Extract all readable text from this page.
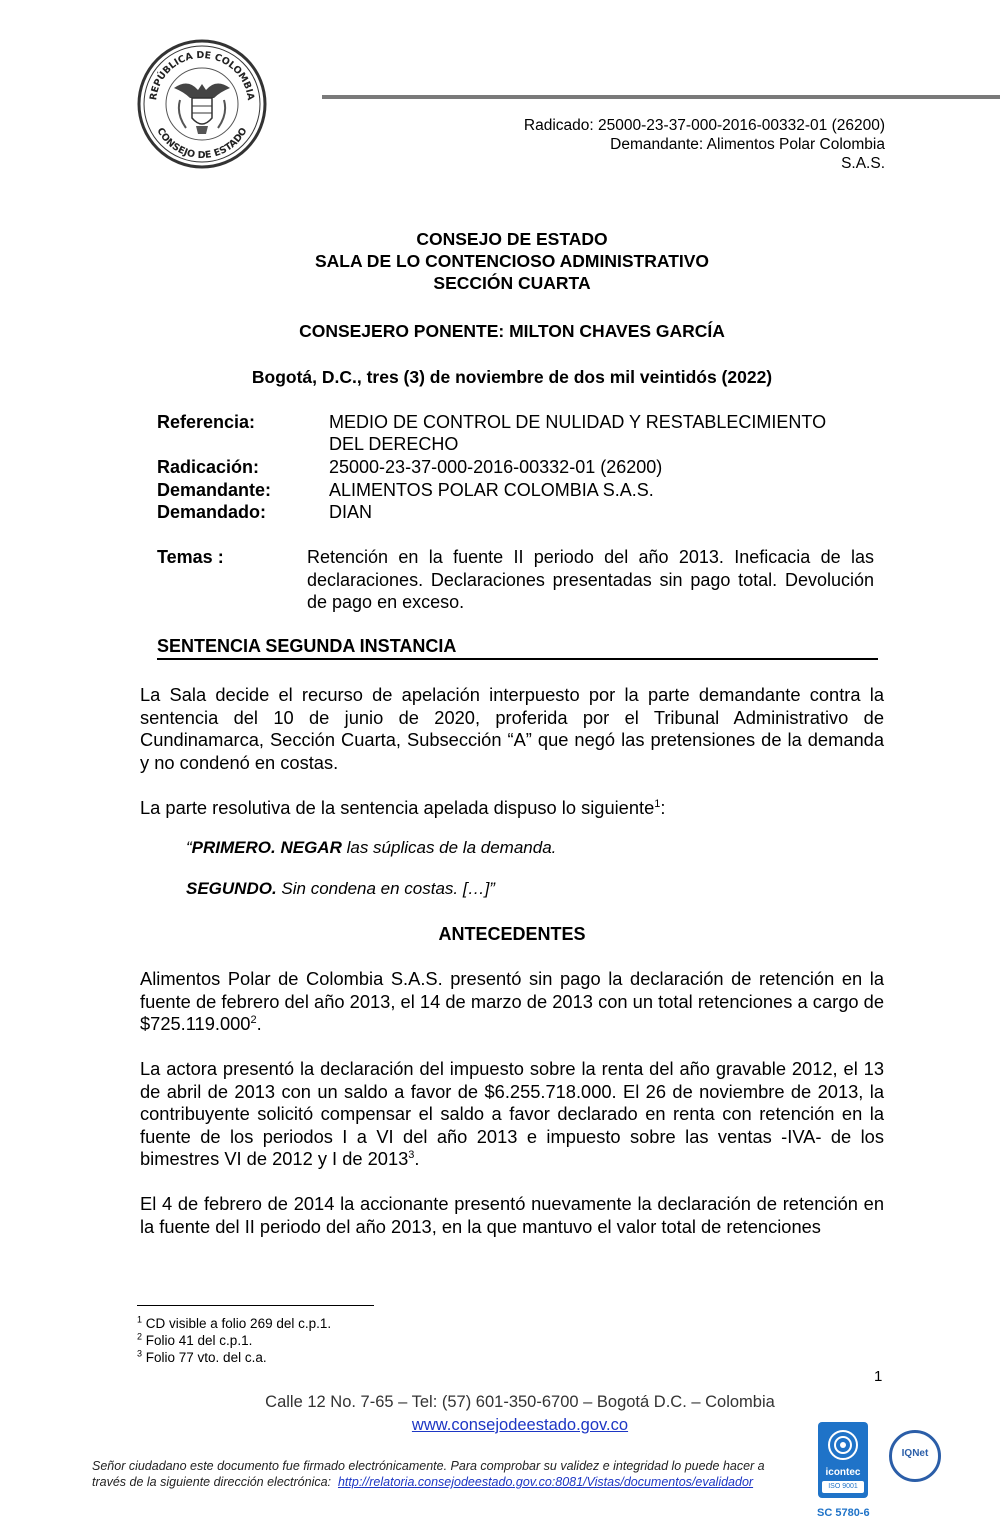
REPÚBLICA DE COLOMBIA
CONSEJO DE ESTADO	Radicado: 25000-23-37-000-2016-00332-01 (26200)
Demandante: Alimentos Polar Colombia
S.A.S.
CONSEJO DE ESTADO
SALA DE LO CONTENCIOSO ADMINISTRATIVO
SECCIÓN CUARTA
CONSEJERO PONENTE: MILTON CHAVES GARCÍA
Bogotá, D.C., tres (3) de noviembre de dos mil veintidós (2022)
Referencia:	MEDIO DE CONTROL DE NULIDAD Y RESTABLECIMIENTO
DEL DERECHO
Radicación:	25000-23-37-000-2016-00332-01 (26200)
Demandante:	ALIMENTOS POLAR COLOMBIA S.A.S.
Demandado:	DIAN
Temas :	Retención en la fuente II periodo del año 2013. Ineficacia de las declaraciones. Declaraciones presentadas sin pago total. Devolución de pago en exceso.
SENTENCIA SEGUNDA INSTANCIA
La Sala decide el recurso de apelación interpuesto por la parte demandante contra la sentencia del 10 de junio de 2020, proferida por el Tribunal Administrativo de Cundinamarca, Sección Cuarta, Subsección “A” que negó las pretensiones de la demanda y no condenó en costas.
La parte resolutiva de la sentencia apelada dispuso lo siguiente$^1$:
“PRIMERO. NEGAR las súplicas de la demanda.
SEGUNDO. Sin condena en costas. […]”
ANTECEDENTES
Alimentos Polar de Colombia S.A.S. presentó sin pago la declaración de retención en la fuente de febrero del año 2013, el 14 de marzo de 2013 con un total retenciones a cargo de $725.119.000$^2$.
La actora presentó la declaración del impuesto sobre la renta del año gravable 2012, el 13 de abril de 2013 con un saldo a favor de $6.255.718.000. El 26 de noviembre de 2013, la contribuyente solicitó compensar el saldo a favor declarado en renta con retención en la fuente de los periodos I a VI del año 2013 e impuesto sobre las ventas -IVA- de los bimestres VI de 2012 y I de 2013$^3$.
El 4 de febrero de 2014 la accionante presentó nuevamente la declaración de retención en la fuente del II periodo del año 2013, en la que mantuvo el valor total de retenciones
$^1$ CD visible a folio 269 del c.p.1.
$^2$ Folio 41 del c.p.1.
$^3$ Folio 77 vto. del c.a.
1
Calle 12 No. 7-65 – Tel: (57) 601-350-6700 – Bogotá D.C. – Colombia
www.consejodeestado.gov.co
Señor ciudadano este documento fue firmado electrónicamente. Para comprobar su validez e integridad lo puede hacer a
través de la siguiente dirección electrónica: http://relatoria.consejodeestado.gov.co:8081/Vistas/documentos/evalidador
icontec
ISO 9001
IQNet
SC 5780-6
